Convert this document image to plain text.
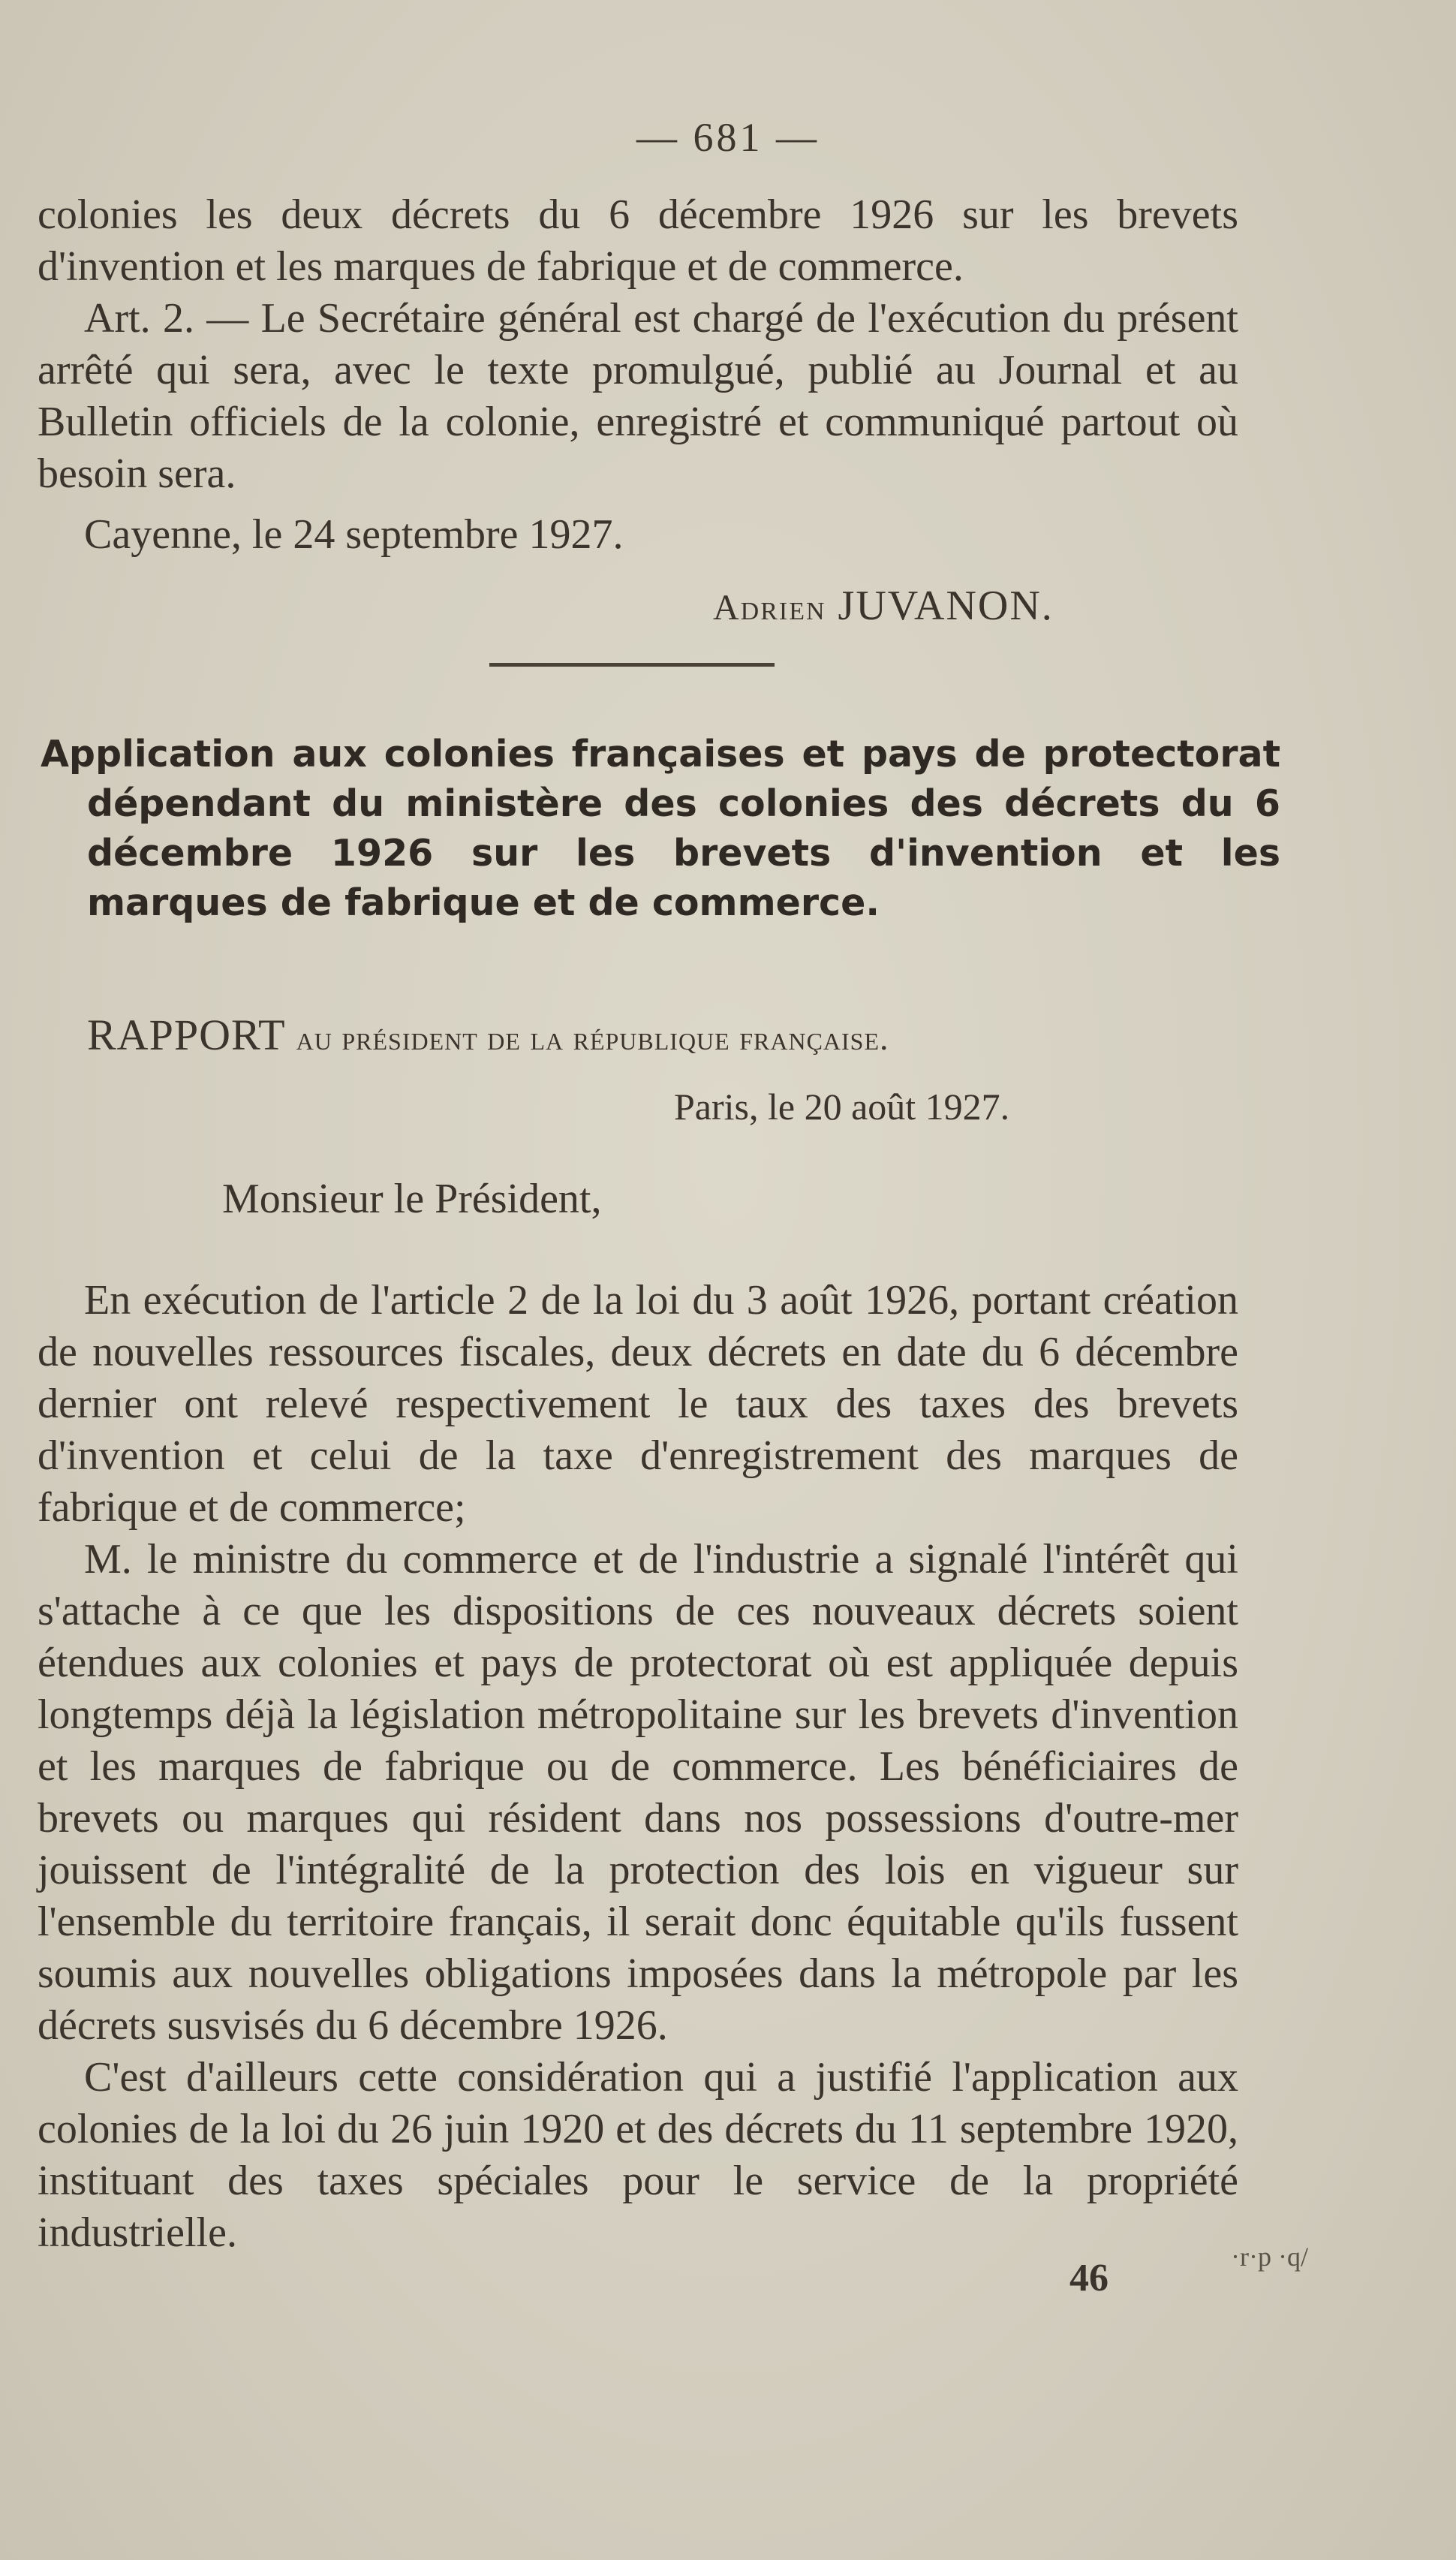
— 681 —

colonies les deux décrets du 6 décembre 1926 sur les brevets d'invention et les marques de fabrique et de commerce.

Art. 2. — Le Secrétaire général est chargé de l'exécution du présent arrêté qui sera, avec le texte promulgué, publié au Journal et au Bulletin officiels de la colonie, enregistré et communiqué partout où besoin sera.

Cayenne, le 24 septembre 1927.
Adrien JUVANON.

Application aux colonies françaises et pays de protectorat dépendant du ministère des colonies des décrets du 6 décembre 1926 sur les brevets d'invention et les marques de fabrique et de commerce.

RAPPORT au président de la république française.
Paris, le 20 août 1927.
Monsieur le Président,

En exécution de l'article 2 de la loi du 3 août 1926, portant création de nouvelles ressources fiscales, deux décrets en date du 6 décembre dernier ont relevé respectivement le taux des taxes des brevets d'invention et celui de la taxe d'enregistrement des marques de fabrique et de commerce;

M. le ministre du commerce et de l'industrie a signalé l'intérêt qui s'attache à ce que les dispositions de ces nouveaux décrets soient étendues aux colonies et pays de protectorat où est appliquée depuis longtemps déjà la législation métropolitaine sur les brevets d'invention et les marques de fabrique ou de commerce. Les bénéficiaires de brevets ou marques qui résident dans nos possessions d'outre-mer jouissent de l'intégralité de la protection des lois en vigueur sur l'ensemble du territoire français, il serait donc équitable qu'ils fussent soumis aux nouvelles obligations imposées dans la métropole par les décrets susvisés du 6 décembre 1926.

C'est d'ailleurs cette considération qui a justifié l'application aux colonies de la loi du 26 juin 1920 et des décrets du 11 septembre 1920, instituant des taxes spéciales pour le service de la propriété industrielle.

46	·r·p ·q/
